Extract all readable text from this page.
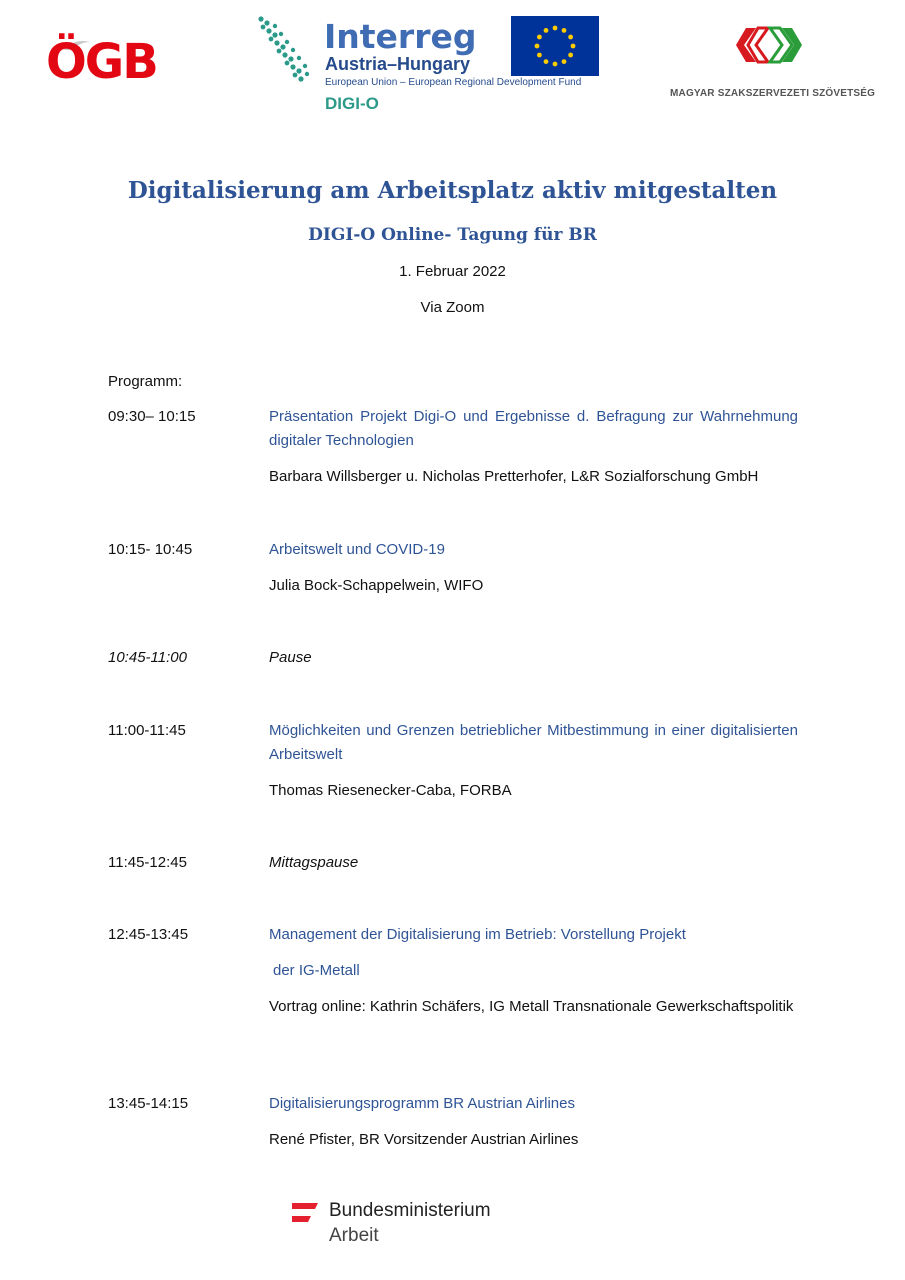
ÖGB	Interreg
Austria–Hungary
European Union – European Regional Development Fund
DIGI-O
MAGYAR SZAKSZERVEZETI SZÖVETSÉG
Digitalisierung am Arbeitsplatz aktiv mitgestalten
DIGI-O Online- Tagung für BR
1. Februar 2022
Via Zoom
Programm:
09:30– 10:15	Präsentation Projekt Digi-O und Ergebnisse d. Befragung zur Wahrnehmung digitaler Technologien

Barbara Willsberger u. Nicholas Pretterhofer, L&R Sozialforschung GmbH

10:15- 10:45	Arbeitswelt und COVID-19

Julia Bock-Schappelwein, WIFO

10:45-11:00	Pause

11:00-11:45	Möglichkeiten und Grenzen betrieblicher Mitbestimmung in einer digitalisierten Arbeitswelt

Thomas Riesenecker-Caba, FORBA

11:45-12:45	Mittagspause

12:45-13:45	Management der Digitalisierung im Betrieb: Vorstellung Projekt

der IG-Metall

Vortrag online: Kathrin Schäfers, IG Metall Transnationale Gewerkschaftspolitik

13:45-14:15	Digitalisierungsprogramm BR Austrian Airlines

René Pfister, BR Vorsitzender Austrian Airlines

Bundesministerium
Arbeit
